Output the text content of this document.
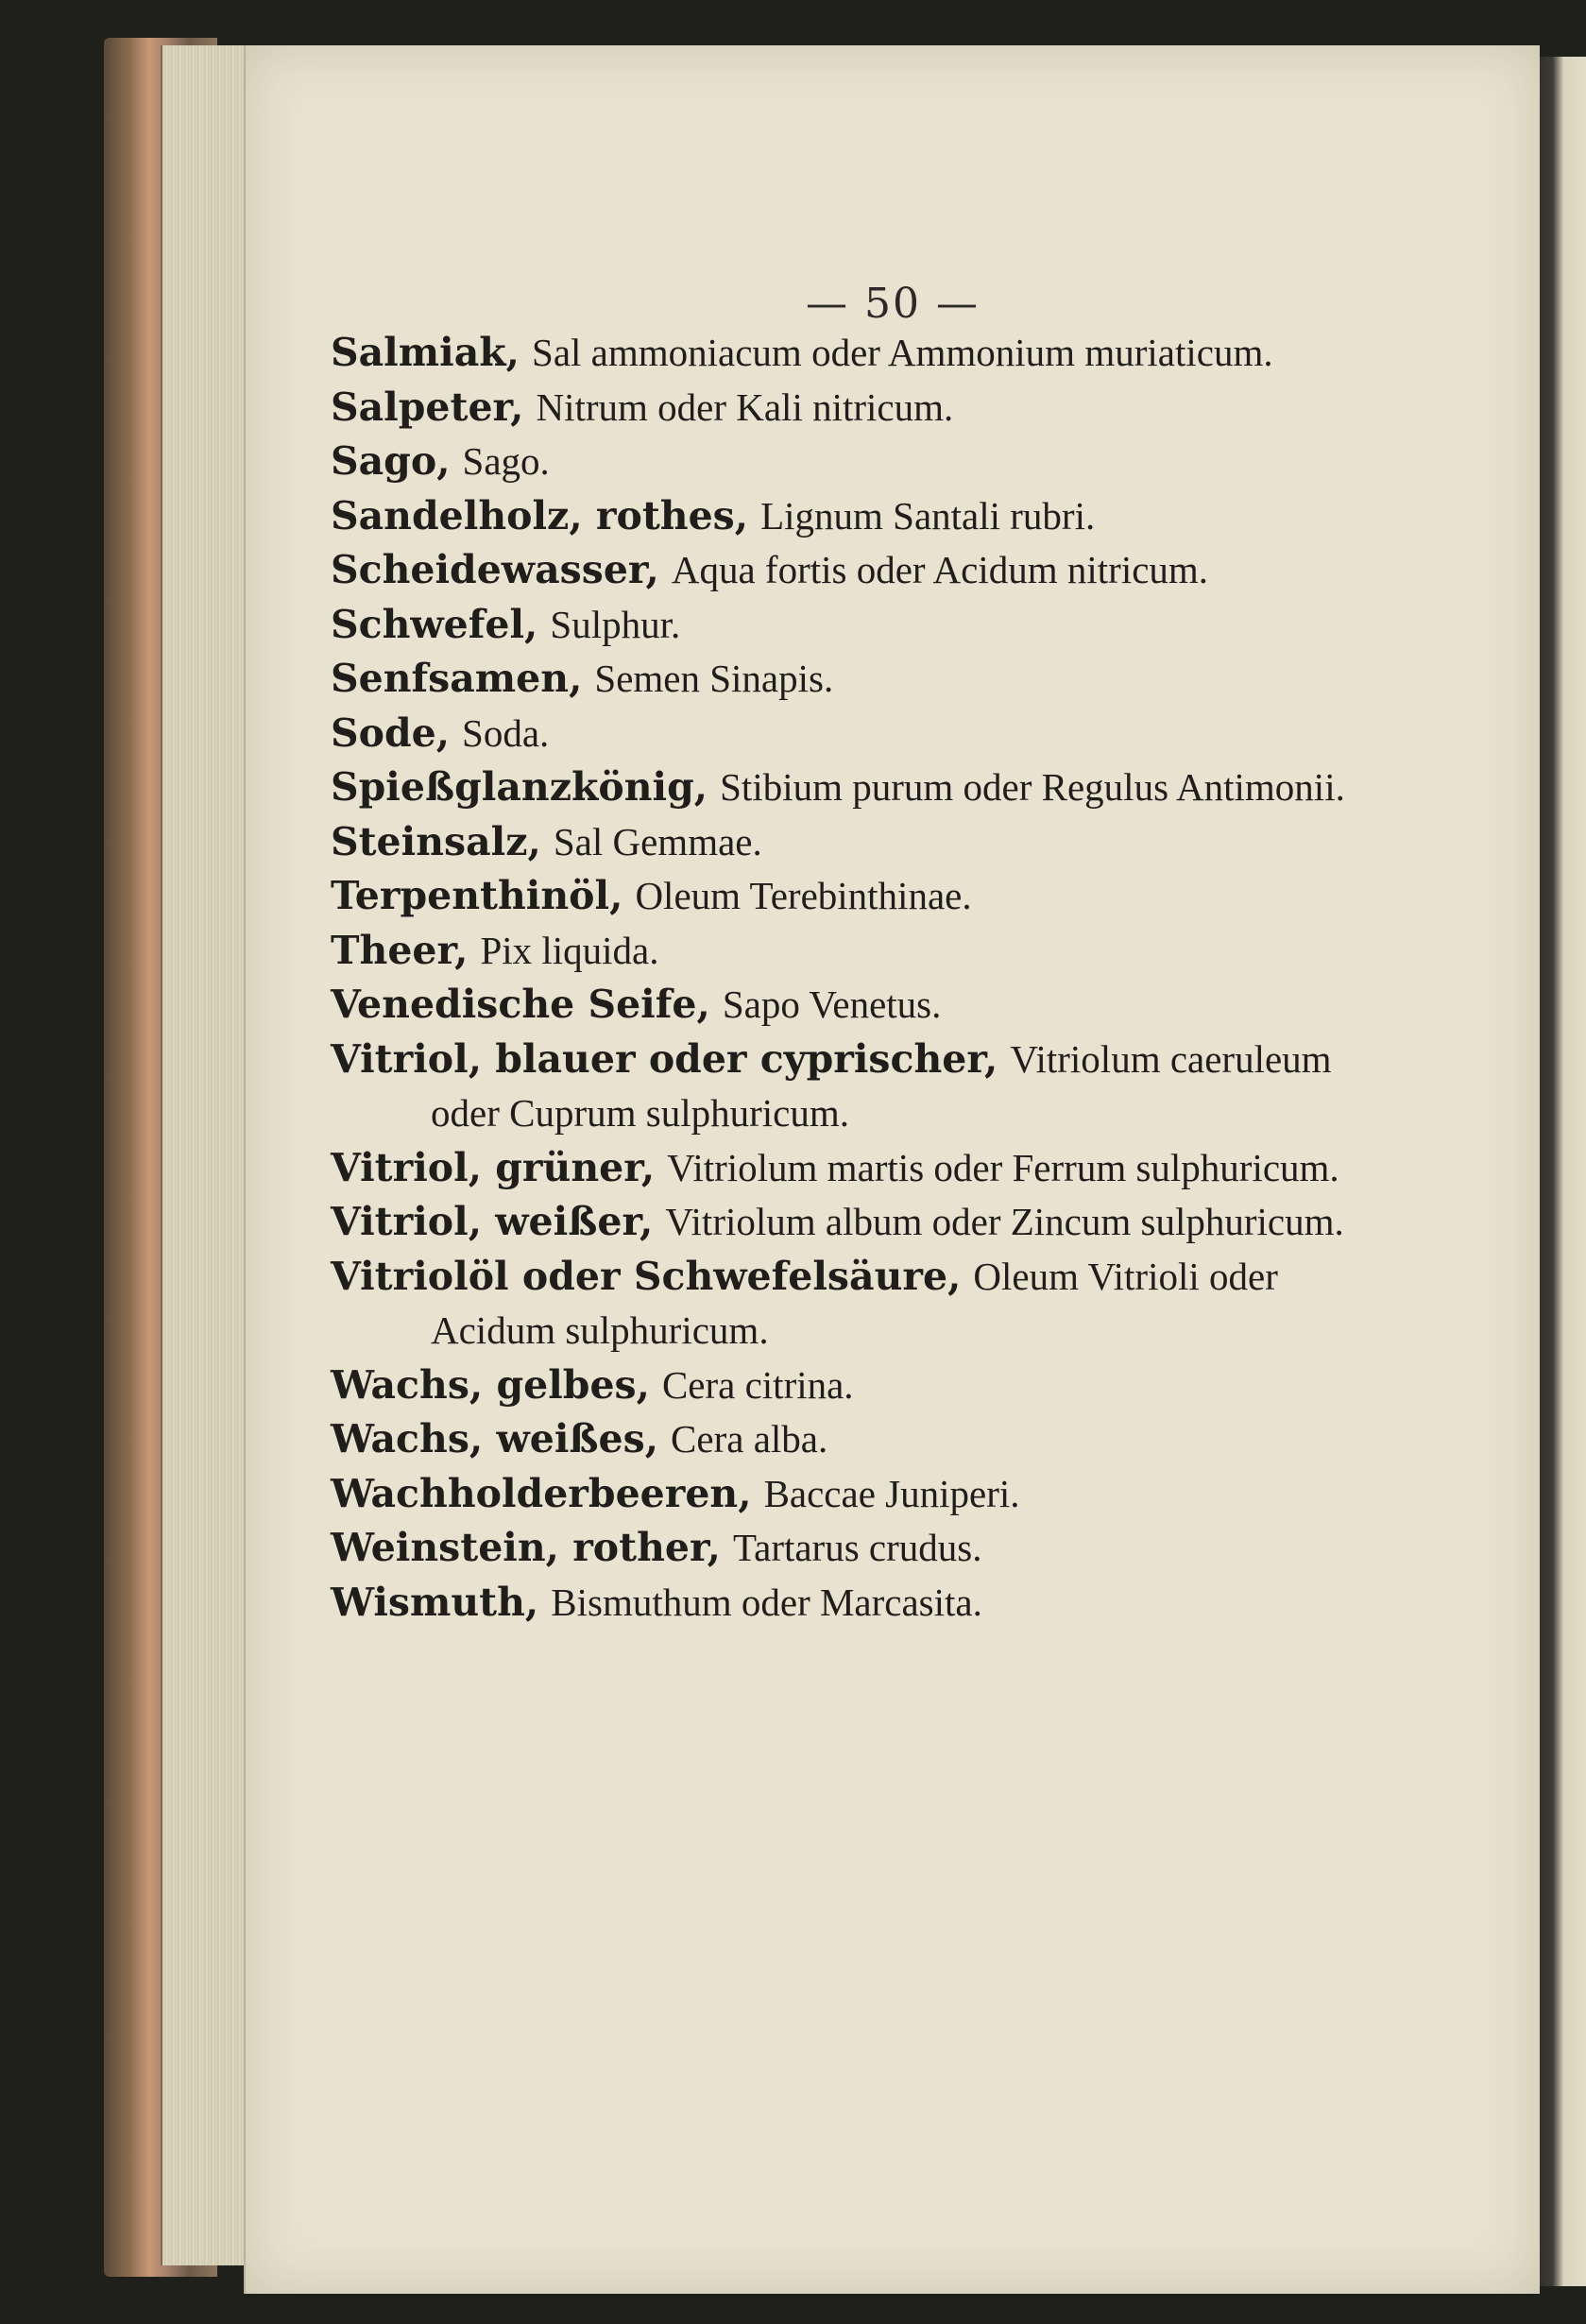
— 50 —
Salmiak, Sal ammoniacum oder Ammonium muriaticum.
Salpeter, Nitrum oder Kali nitricum.
Sago, Sago.
Sandelholz, rothes, Lignum Santali rubri.
Scheidewasser, Aqua fortis oder Acidum nitricum.
Schwefel, Sulphur.
Senfsamen, Semen Sinapis.
Sode, Soda.
Spießglanzkönig, Stibium purum oder Regulus Antimonii.
Steinsalz, Sal Gemmae.
Terpenthinöl, Oleum Terebinthinae.
Theer, Pix liquida.
Venedische Seife, Sapo Venetus.
Vitriol, blauer oder cyprischer, Vitriolum caeruleum oder Cuprum sulphuricum.
Vitriol, grüner, Vitriolum martis oder Ferrum sulphuricum.
Vitriol, weißer, Vitriolum album oder Zincum sulphuricum.
Vitriolöl oder Schwefelsäure, Oleum Vitrioli oder Acidum sulphuricum.
Wachs, gelbes, Cera citrina.
Wachs, weißes, Cera alba.
Wachholderbeeren, Baccae Juniperi.
Weinstein, rother, Tartarus crudus.
Wismuth, Bismuthum oder Marcasita.
